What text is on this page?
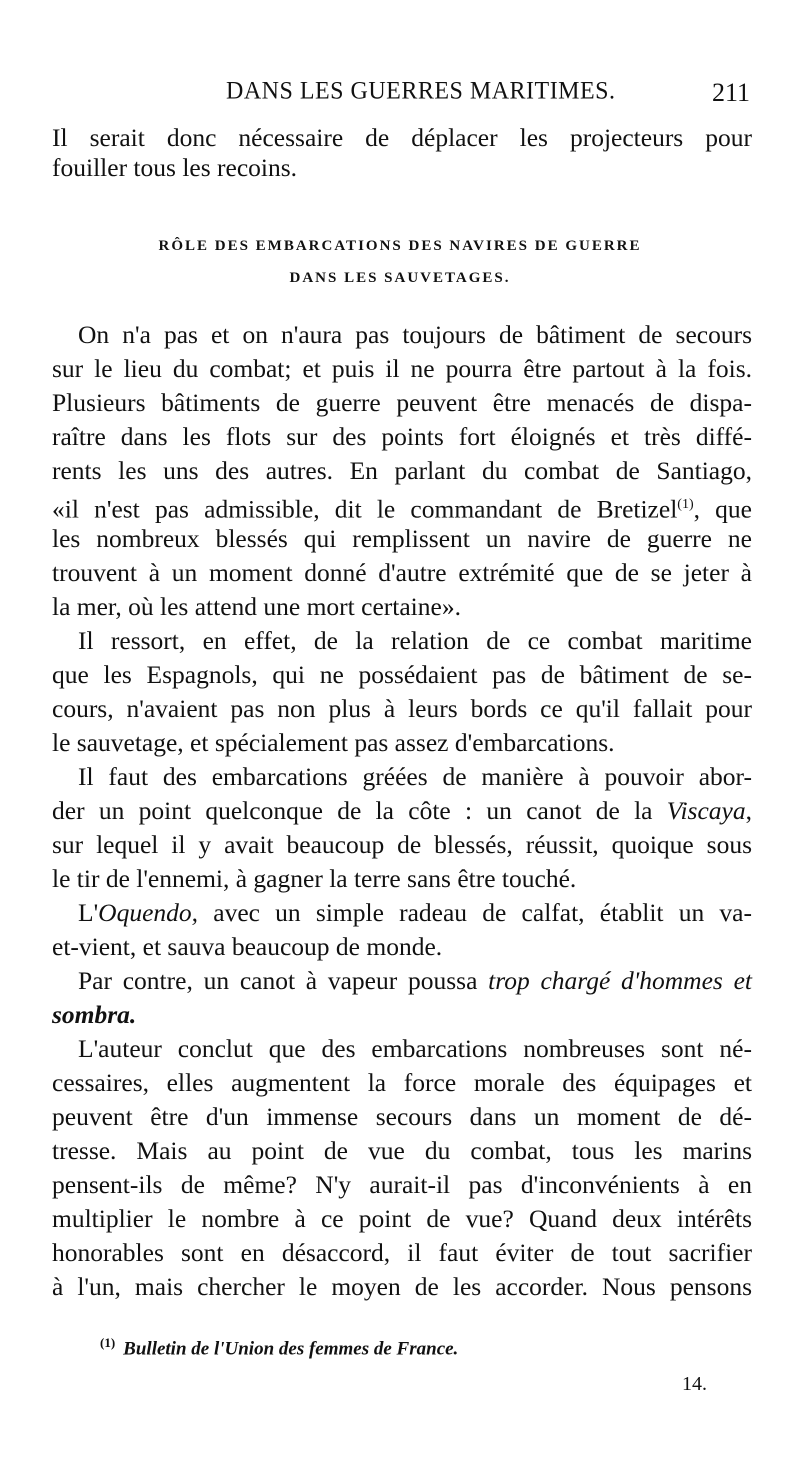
DANS LES GUERRES MARITIMES.	211
Il serait donc nécessaire de déplacer les projecteurs pour
fouiller tous les recoins.
RÔLE DES EMBARCATIONS DES NAVIRES DE GUERRE
DANS LES SAUVETAGES.
On n'a pas et on n'aura pas toujours de bâtiment de secours
sur le lieu du combat; et puis il ne pourra être partout à la fois.
Plusieurs bâtiments de guerre peuvent être menacés de dispa-
raître dans les flots sur des points fort éloignés et très diffé-
rents les uns des autres. En parlant du combat de Santiago,
«il n'est pas admissible, dit le commandant de Bretizel$^{(1)}$, que
les nombreux blessés qui remplissent un navire de guerre ne
trouvent à un moment donné d'autre extrémité que de se jeter à
la mer, où les attend une mort certaine».
Il ressort, en effet, de la relation de ce combat maritime
que les Espagnols, qui ne possédaient pas de bâtiment de se-
cours, n'avaient pas non plus à leurs bords ce qu'il fallait pour
le sauvetage, et spécialement pas assez d'embarcations.
Il faut des embarcations gréées de manière à pouvoir abor-
der un point quelconque de la côte : un canot de la Viscaya,
sur lequel il y avait beaucoup de blessés, réussit, quoique sous
le tir de l'ennemi, à gagner la terre sans être touché.
L'Oquendo, avec un simple radeau de calfat, établit un va-
et-vient, et sauva beaucoup de monde.
Par contre, un canot à vapeur poussa trop chargé d'hommes et
sombra.
L'auteur conclut que des embarcations nombreuses sont né-
cessaires, elles augmentent la force morale des équipages et
peuvent être d'un immense secours dans un moment de dé-
tresse. Mais au point de vue du combat, tous les marins
pensent-ils de même? N'y aurait-il pas d'inconvénients à en
multiplier le nombre à ce point de vue? Quand deux intérêts
honorables sont en désaccord, il faut éviter de tout sacrifier
à l'un, mais chercher le moyen de les accorder. Nous pensons
$^{(1)}$ Bulletin de l'Union des femmes de France.
14.
